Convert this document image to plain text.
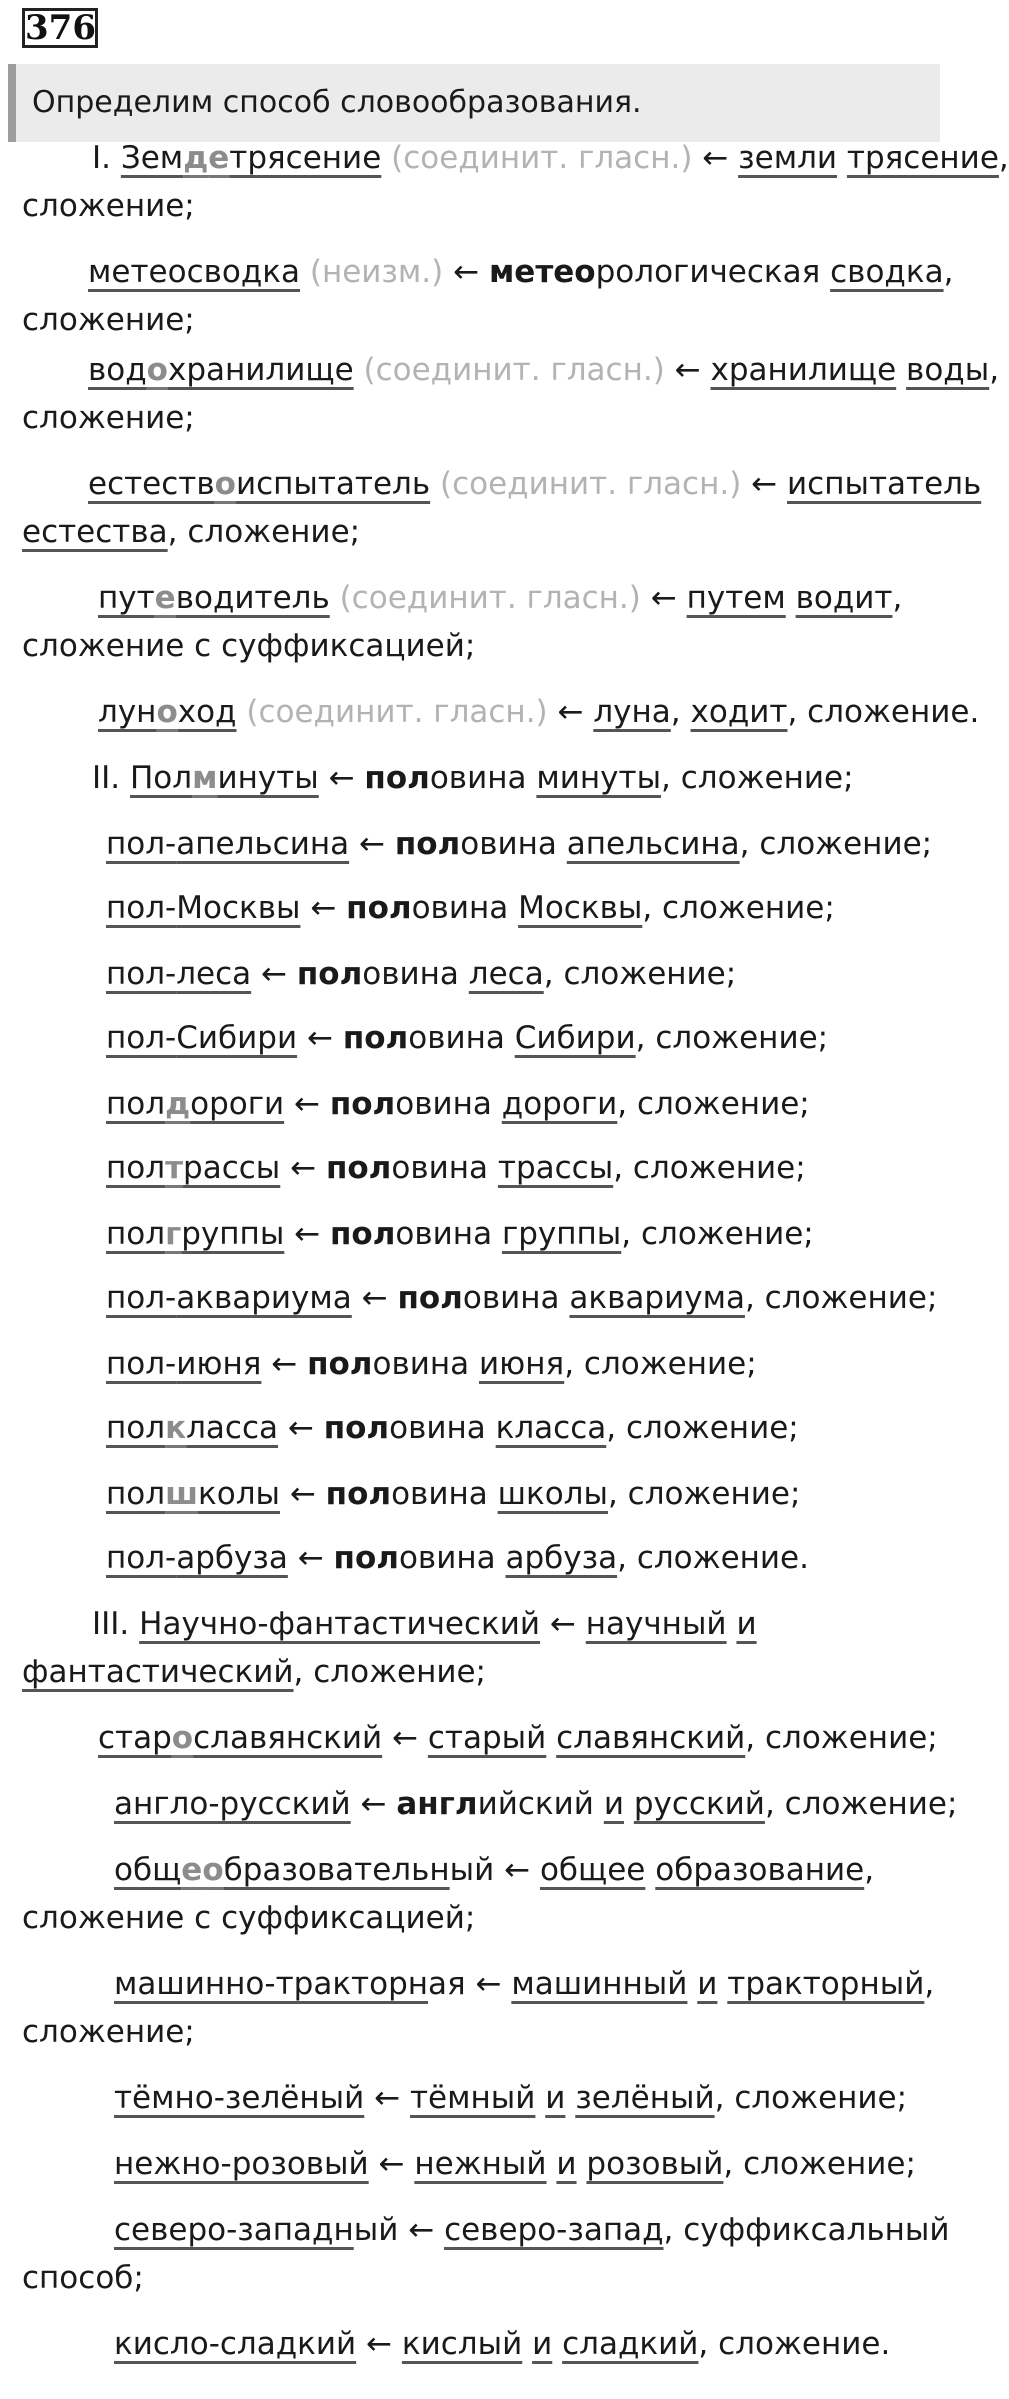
376
Определим способ словообразования.
I. Земдетрясение (соединит. гласн.) ← земли трясение,
сложение;
метеосводка (неизм.) ← метеорологическая сводка,
сложение;
водохранилище (соединит. гласн.) ← хранилище воды,
сложение;
естествоиспытатель (соединит. гласн.) ← испытатель
естества, сложение;
путеводитель (соединит. гласн.) ← путем водит,
сложение с суффиксацией;
луноход (соединит. гласн.) ← луна, ходит, сложение.
II. Полминуты ← половина минуты, сложение;
пол-апельсина ← половина апельсина, сложение;
пол-Москвы ← половина Москвы, сложение;
пол-леса ← половина леса, сложение;
пол-Сибири ← половина Сибири, сложение;
полдороги ← половина дороги, сложение;
полтрассы ← половина трассы, сложение;
полгруппы ← половина группы, сложение;
пол-аквариума ← половина аквариума, сложение;
пол-июня ← половина июня, сложение;
полкласса ← половина класса, сложение;
полшколы ← половина школы, сложение;
пол-арбуза ← половина арбуза, сложение.
III. Научно-фантастический ← научный и
фантастический, сложение;
старославянский ← старый славянский, сложение;
англо-русский ← английский и русский, сложение;
общеобразовательный ← общее образование,
сложение с суффиксацией;
машинно-тракторная ← машинный и тракторный,
сложение;
тёмно-зелёный ← тёмный и зелёный, сложение;
нежно-розовый ← нежный и розовый, сложение;
северо-западный ← северо-запад, суффиксальный
способ;
кисло-сладкий ← кислый и сладкий, сложение.
